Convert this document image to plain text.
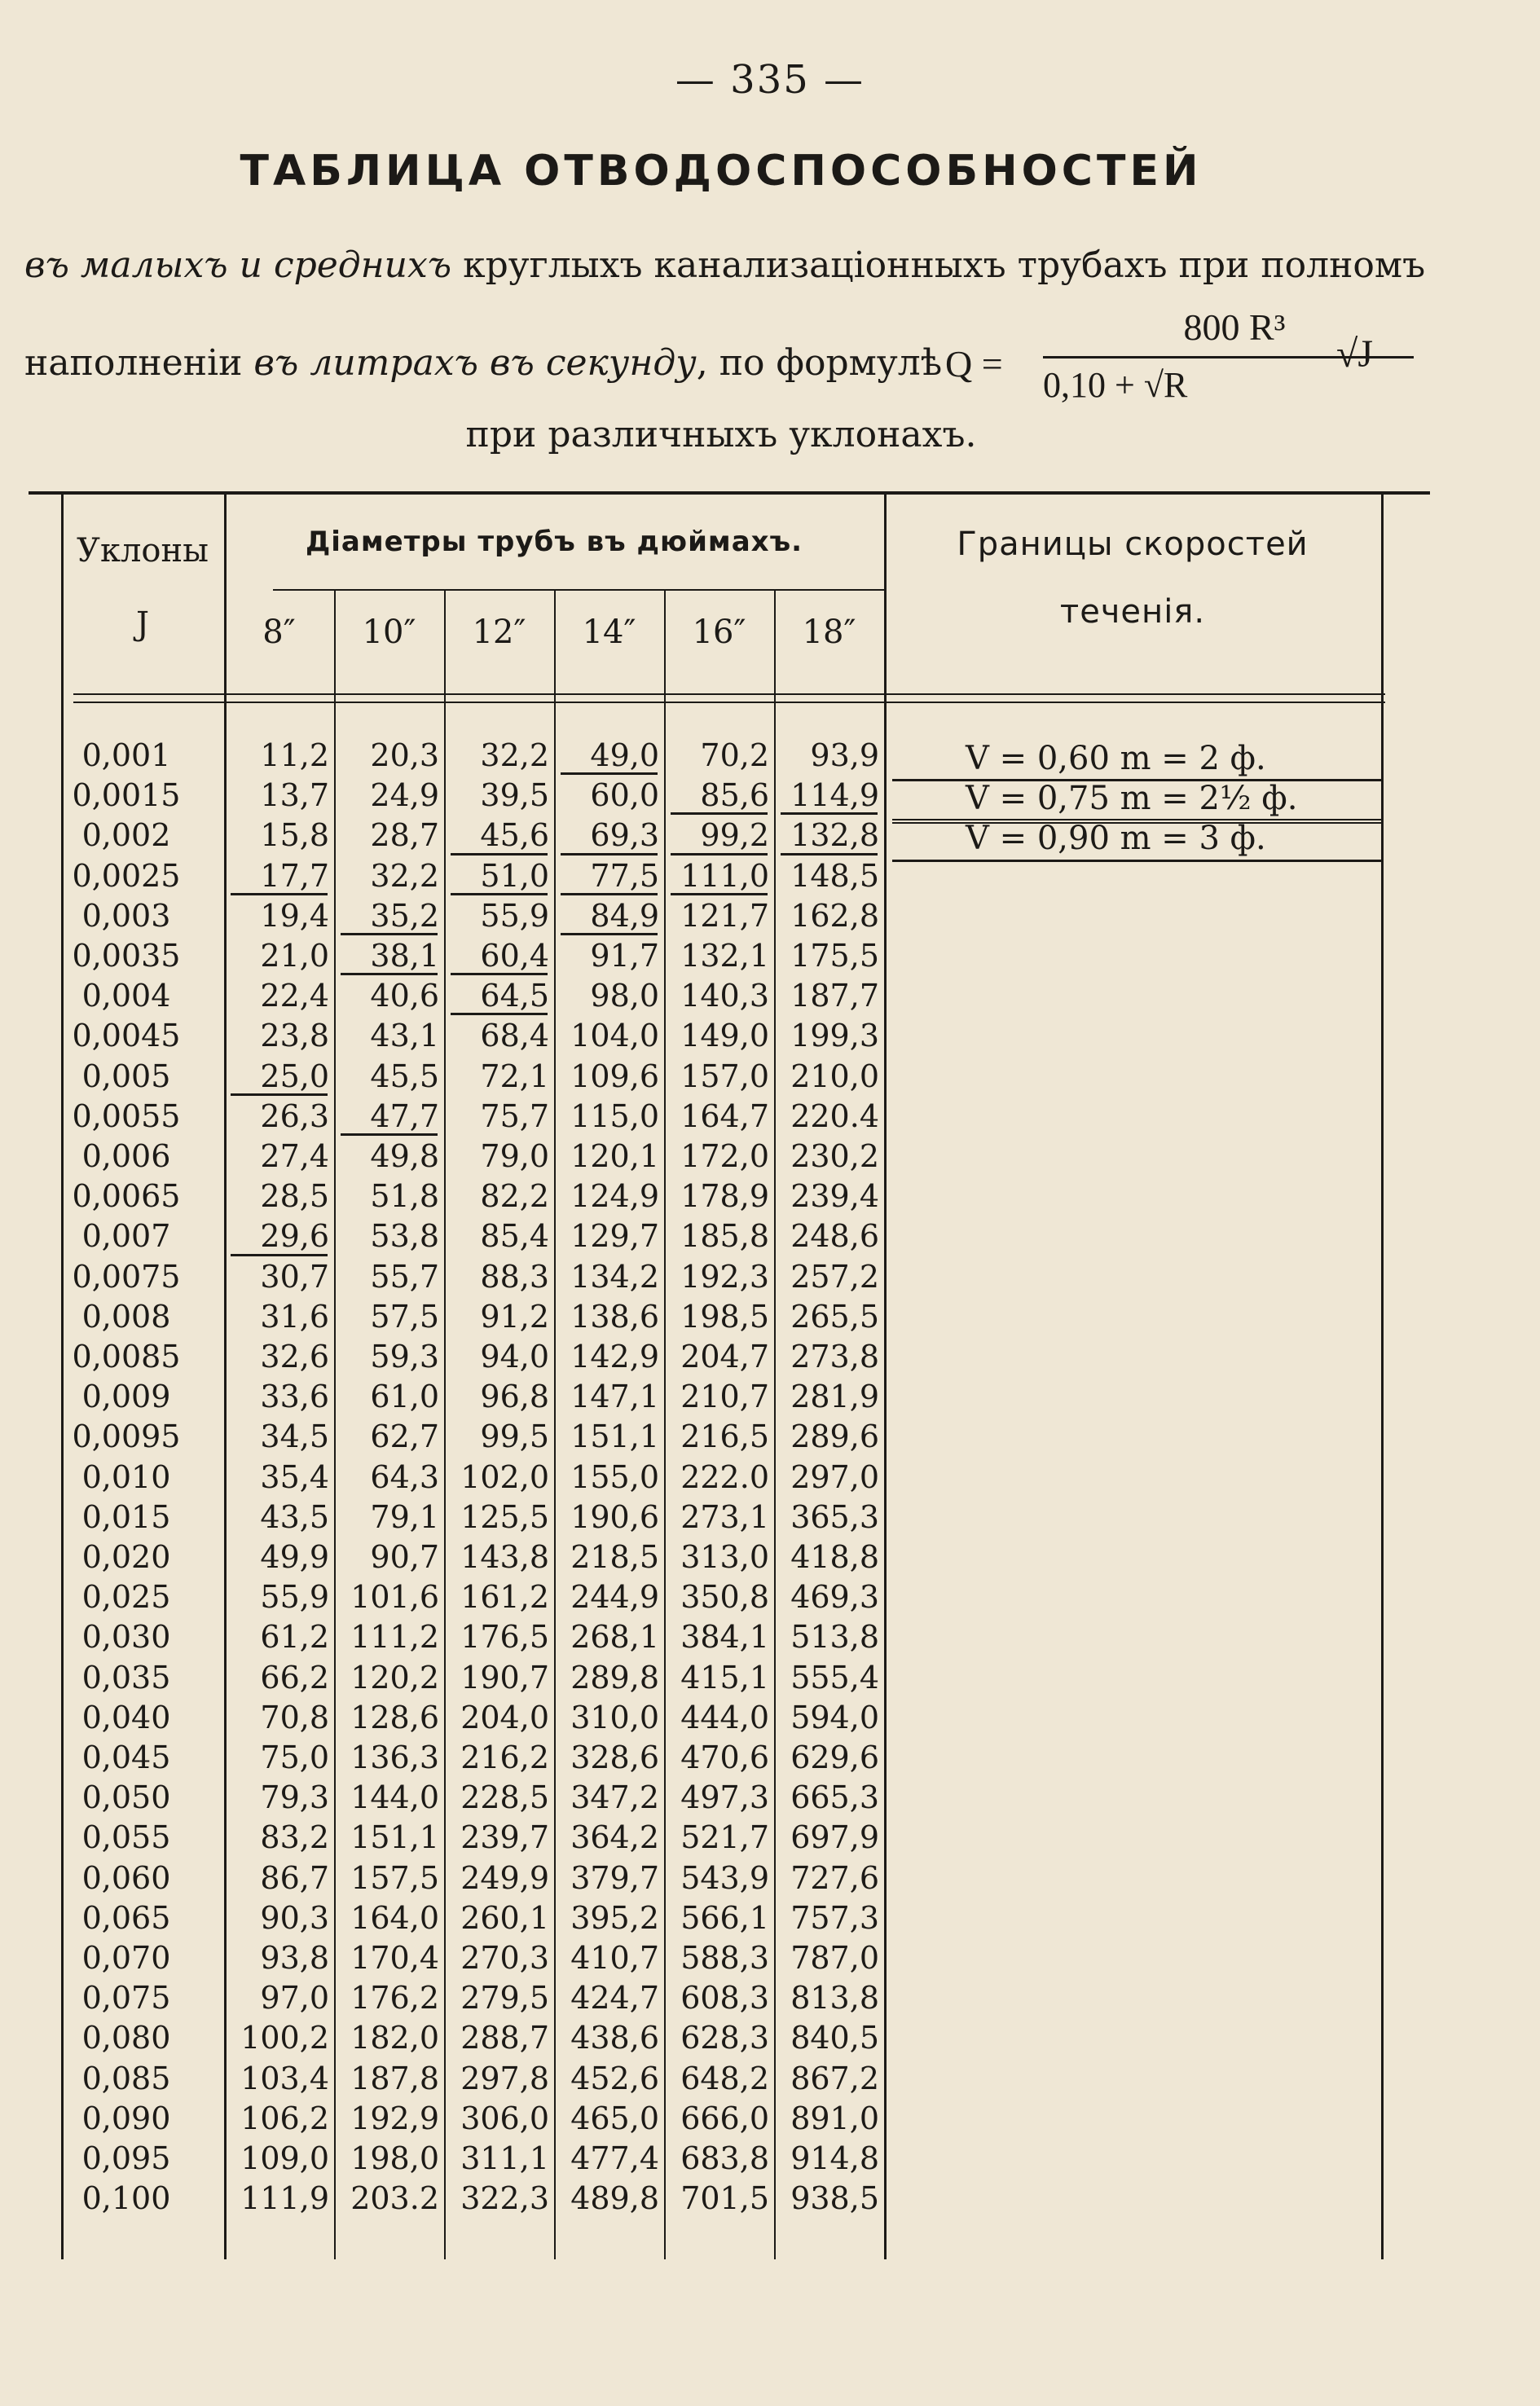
— 335 —
ТАБЛИЦА ОТВОДОСПОСОБНОСТЕЙ
въ малыхъ и среднихъ круглыхъ канализаціонныхъ трубахъ при полномъ
наполненіи въ литрахъ въ секунду, по формулѣ Q =
800 R³
0,10 + √R
√J
при различныхъ уклонахъ.
Уклоны
J
Діаметры трубъ въ дюймахъ.	Границы скоростей
теченія.
0,001	11,2	20,3	32,2	49,0	70,2	93,9
0,0015	13,7	24,9	39,5	60,0	85,6 114,9
0,002	15,8	28,7	45,6	69,3	99,2 132,8
0,0025	17,7	32,2	51,0	77,5 111,0 148,5
0,003	19,4	35,2	55,9	84,9 121,7 162,8
0,0035	21,0	38,1	60,4	91,7 132,1 175,5
0,004	22,4	40,6	64,5	98,0 140,3 187,7
0,0045	23,8	43,1	68,4 104,0 149,0 199,3
0,005	25,0	45,5	72,1 109,6 157,0 210,0
0,0055	26,3	47,7	75,7 115,0 164,7 220.4
0,006	27,4	49,8	79,0 120,1 172,0 230,2
0,0065	28,5	51,8	82,2 124,9 178,9 239,4
0,007	29,6	53,8	85,4 129,7 185,8 248,6
0,0075	30,7	55,7	88,3 134,2 192,3 257,2
0,008	31,6	57,5	91,2 138,6 198,5 265,5
0,0085	32,6	59,3	94,0 142,9 204,7 273,8
0,009	33,6	61,0	96,8 147,1 210,7 281,9
0,0095	34,5	62,7	99,5 151,1 216,5 289,6
0,010	35,4	64,3 102,0 155,0 222.0 297,0
0,015	43,5	79,1 125,5 190,6 273,1 365,3
0,020	49,9	90,7 143,8 218,5 313,0 418,8
0,025	55,9 101,6 161,2 244,9 350,8 469,3
0,030	61,2 111,2 176,5 268,1 384,1 513,8
0,035	66,2 120,2 190,7 289,8 415,1 555,4
0,040	70,8 128,6 204,0 310,0 444,0 594,0
0,045	75,0 136,3 216,2 328,6 470,6 629,6
0,050	79,3 144,0 228,5 347,2 497,3 665,3
0,055	83,2 151,1 239,7 364,2 521,7 697,9
0,060	86,7 157,5 249,9 379,7 543,9 727,6
0,065	90,3 164,0 260,1 395,2 566,1 757,3
0,070	93,8 170,4 270,3 410,7 588,3 787,0
0,075	97,0 176,2 279,5 424,7 608,3 813,8
0,080	100,2 182,0 288,7 438,6 628,3 840,5
0,085	103,4 187,8 297,8 452,6 648,2 867,2
0,090	106,2 192,9 306,0 465,0 666,0 891,0
0,095	109,0 198,0 311,1 477,4 683,8 914,8
0,100	111,9 203.2 322,3 489,8 701,5 938,5
V = 0,60 m = 2 ф.
V = 0,75 m = 2½ ф.
V = 0,90 m = 3 ф.
8″	10″	12″	14″	16″	18″
